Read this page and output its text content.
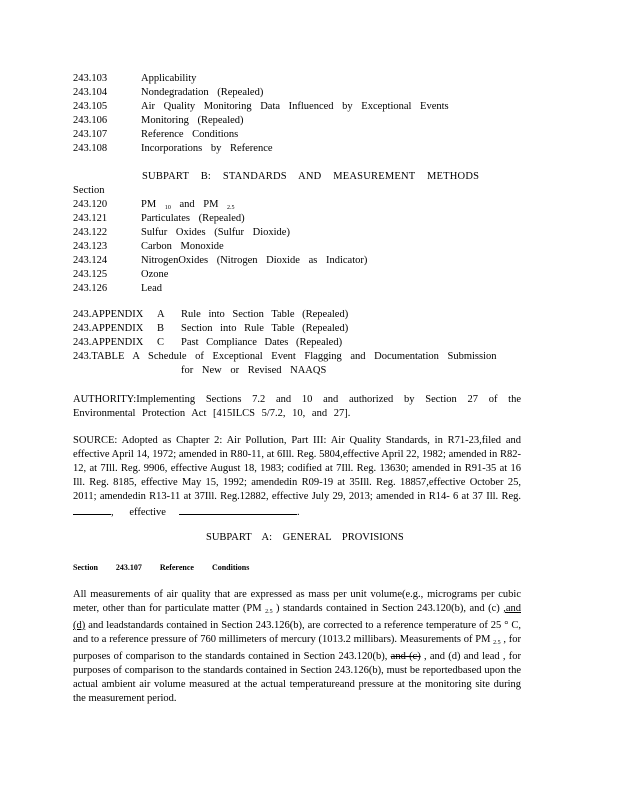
243.103	Applicability
243.104	Nondegradation (Repealed)
243.105	Air Quality Monitoring Data Influenced by Exceptional Events
243.106	Monitoring (Repealed)
243.107	Reference Conditions
243.108	Incorporations by Reference
SUBPART B: STANDARDS AND MEASUREMENT METHODS
Section
243.120	PM $_{10}$ and PM $_{2.5}$
243.121	Particulates (Repealed)
243.122	Sulfur Oxides (Sulfur Dioxide)
243.123	Carbon Monoxide
243.124	NitrogenOxides (Nitrogen Dioxide as Indicator)
243.125	Ozone
243.126	Lead
243.APPENDIX A Rule into Section Table (Repealed)
243.APPENDIX B Section into Rule Table (Repealed)
243.APPENDIX C Past Compliance Dates (Repealed)
243.TABLE A Schedule of Exceptional Event Flagging and Documentation Submission
for New or Revised NAAQS

AUTHORITY:Implementing Sections 7.2 and 10 and authorized by Section 27 of the Environmental Protection Act [415ILCS 5/7.2, 10, and 27].

SOURCE: Adopted as Chapter 2: Air Pollution, Part III: Air Quality Standards, in R71-23,filed and effective April 14, 1972; amended in R80-11, at 6Ill. Reg. 5804,effective April 22, 1982; amended in R82-12, at 7Ill. Reg. 9906, effective August 18, 1983; codified at 7Ill. Reg. 13630; amended in R91-35 at 16 Ill. Reg. 8185, effective May 15, 1992; amendedin R09-19 at 35Ill. Reg. 18857,effective October 25, 2011; amendedin R13-11 at 37Ill. Reg.12882, effective July 29, 2013; amended in R14- 6 at 37 Ill. Reg. ,      effective	.

SUBPART A: GENERAL PROVISIONS
Section 243.107 Reference Conditions

All measurements of air quality that are expressed as mass per unit volume(e.g., micrograms per cubic meter, other than for particulate matter (PM $_{2.5}$ ) standards contained in Section 243.120(b), and (c) ,and (d) and leadstandards contained in Section 243.126(b), are corrected to a reference temperature of 25 ° C, and to a reference pressure of 760 millimeters of mercury (1013.2 millibars). Measurements of PM $_{2.5}$ , for purposes of comparison to the standards contained in Section 243.120(b), and (c) , and (d) and lead , for purposes of comparison to the standards contained in Section 243.126(b), must be reportedbased upon the actual ambient air volume measured at the actual temperatureand pressure at the monitoring site during the measurement period.
